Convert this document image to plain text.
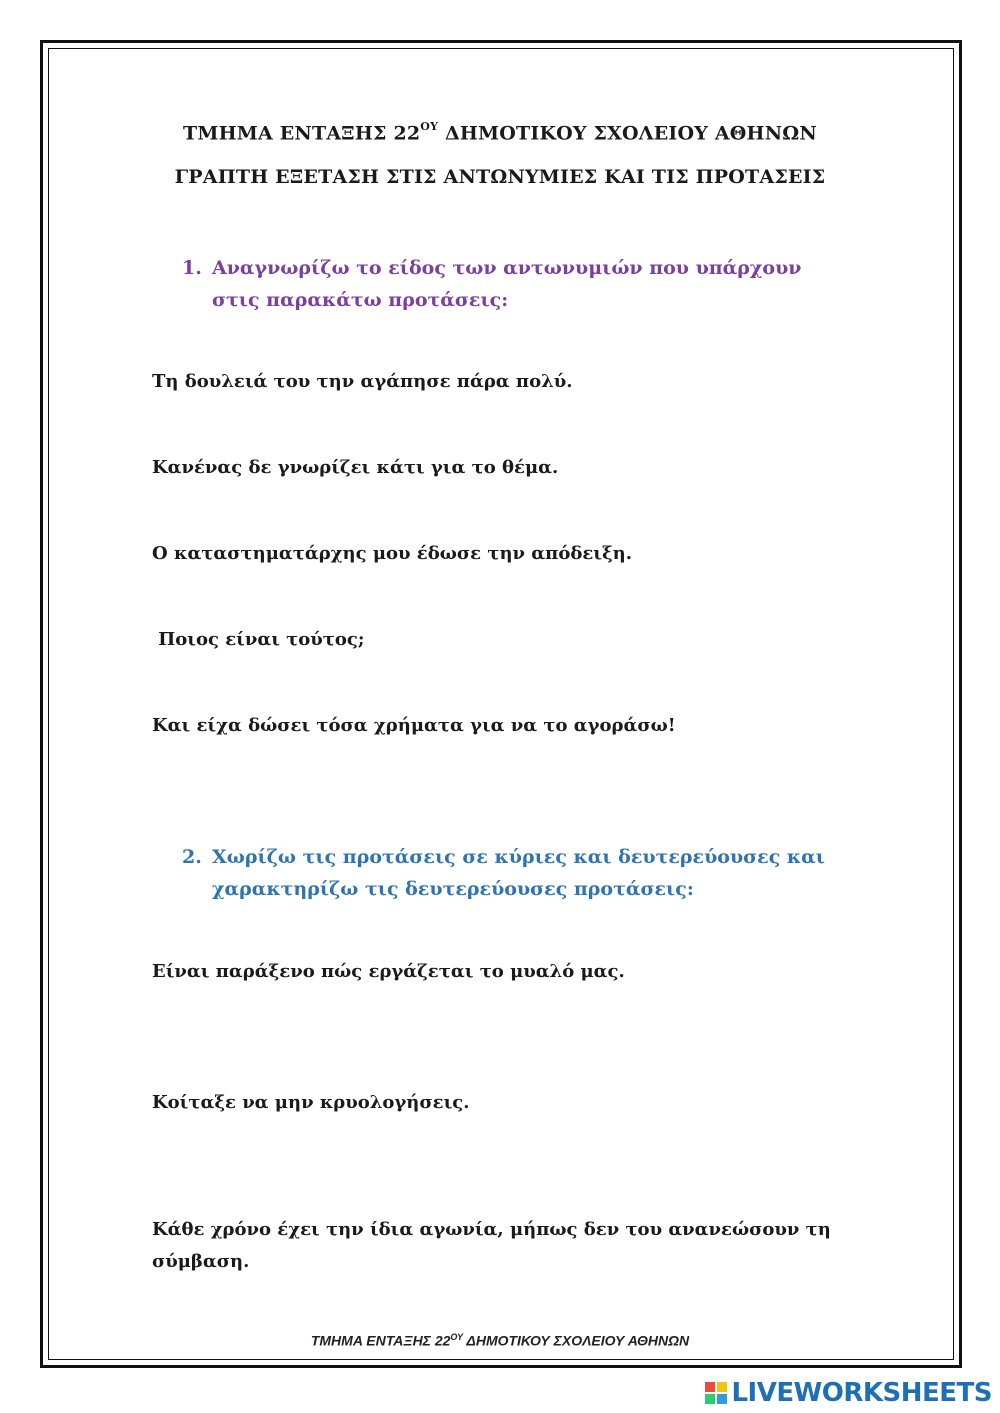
ΤΜΗΜΑ ΕΝΤΑΞΗΣ $22^{O\Upsilon}$ ΔΗΜΟΤΙΚΟΥ ΣΧΟΛΕΙΟΥ ΑΘΗΝΩΝ
ΓΡΑΠΤΗ ΕΞΕΤΑΣΗ ΣΤΙΣ ΑΝΤΩΝΥΜΙΕΣ ΚΑΙ ΤΙΣ ΠΡΟΤΑΣΕΙΣ
1. Αναγνωρίζω το είδος των αντωνυμιών που υπάρχουν στις παρακάτω προτάσεις:
Τη δουλειά του την αγάπησε πάρα πολύ.
Κανένας δε γνωρίζει κάτι για το θέμα.
Ο καταστηματάρχης μου έδωσε την απόδειξη.
Ποιος είναι τούτος;
Και είχα δώσει τόσα χρήματα για να το αγοράσω!
2. Χωρίζω τις προτάσεις σε κύριες και δευτερεύουσες και χαρακτηρίζω τις δευτερεύουσες προτάσεις:
Είναι παράξενο πώς εργάζεται το μυαλό μας.
Κοίταξε να μην κρυολογήσεις.
Κάθε χρόνο έχει την ίδια αγωνία, μήπως δεν του ανανεώσουν τη σύμβαση.
ΤΜΗΜΑ ΕΝΤΑΞΗΣ $22^{O\Upsilon}$ ΔΗΜΟΤΙΚΟΥ ΣΧΟΛΕΙΟΥ ΑΘΗΝΩΝ
LIVEWORKSHEETS
